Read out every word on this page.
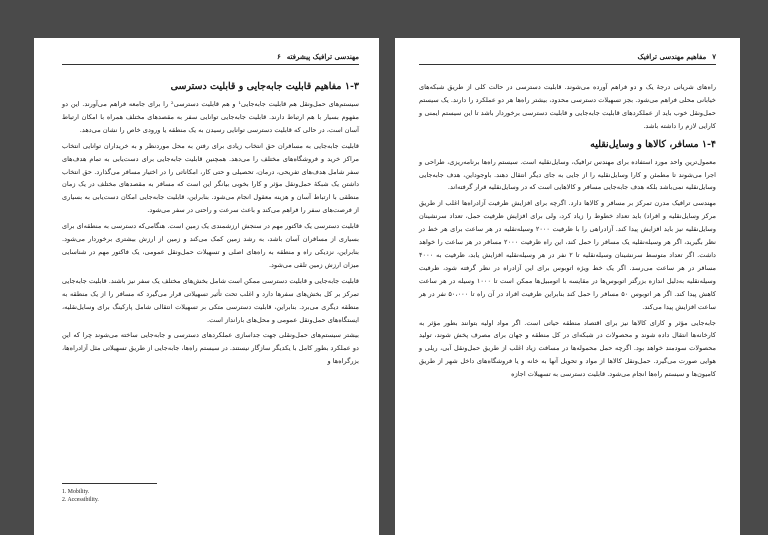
۶ مهندسی ترافیک پیشرفته
۱-۳ مفاهیم قابلیت جابه‌جایی و قابلیت دسترسی

سیستم‌های حمل‌ونقل هم قابلیت جابه‌جایی¹ و هم قابلیت دسترسی² را برای جامعه فراهم می‌آورند. این دو مفهوم بسیار با هم ارتباط دارند. قابلیت جابه‌جایی توانایی سفر به مقصدهای مختلف همراه با امکان ارتباط آسان است، در حالی که قابلیت دسترسی توانایی رسیدن به یک منطقه یا ورودی خاص را نشان می‌دهد.

قابلیت جابه‌جایی به مسافران حق انتخاب زیادی برای رفتن به محل موردنظر و به خریداران توانایی انتخاب مراکز خرید و فروشگاه‌های مختلف را می‌دهد. همچنین قابلیت جابه‌جایی برای دست‌یابی به تمام هدف‌های سفر شامل هدف‌های تفریحی، درمان، تحصیلی و حتی کار، امکاناتی را در اختیار مسافر می‌گذارد. حق انتخاب داشتن یک شبکهٔ حمل‌ونقل مؤثر و کارا بخوبی بیانگر این است که مسافر به مقصدهای مختلف در یک زمان منطقی با ارتباط آسان و هزینه معقول انجام می‌شود. بنابراین، قابلیت جابه‌جایی امکان دست‌یابی به بسیاری از فرصت‌های سفر را فراهم می‌کند و باعث سرعت و راحتی در سفر می‌شود.

قابلیت دسترسی یک فاکتور مهم در سنجش ارزشمندی یک زمین است. هنگامی‌که دسترسی به منطقه‌ای برای بسیاری از مسافران آسان باشد، به رشد زمین کمک می‌کند و زمین از ارزش بیشتری برخوردار می‌شود. بنابراین، نزدیکی راه و منطقه به راه‌های اصلی و تسهیلات حمل‌ونقل عمومی، یک فاکتور مهم در شناسایی میزان ارزش زمین تلقی می‌شود.

قابلیت جابه‌جایی و قابلیت دسترسی ممکن است شامل بخش‌های مختلف یک سفر نیز باشند. قابلیت جابه‌جایی تمرکز بر کل بخش‌های سفرها دارد و اغلب تحت تأثیر تسهیلاتی قرار می‌گیرد که مسافر را از یک منطقه به منطقه دیگری می‌برد. بنابراین، قابلیت دسترسی متکی بر تسهیلات انتقالی شامل پارکینگ برای وسایل‌نقلیه، ایستگاه‌های حمل‌ونقل عمومی و محل‌های بارانداز است.

بیشتر سیستم‌های حمل‌ونقلی جهت جداسازی عملکردهای دسترسی و جابه‌جایی ساخته می‌شوند چرا که این دو عملکرد بطور کامل با یکدیگر سازگار نیستند. در سیستم راه‌ها، جابه‌جایی از طریق تسهیلاتی مثل آزادراه‌ها، بزرگراه‌ها و

1. Mobility.
2. Accessibility.
۷
مفاهیم مهندسی ترافیک

راه‌های شریانی درجهٔ یک و دو فراهم آورده می‌شوند. قابلیت دسترسی در حالت کلی از طریق شبکه‌های خیابانی محلی فراهم می‌شود. بجز تسهیلات دسترسی محدود، بیشتر راه‌ها هر دو عملکرد را دارند. یک سیستم حمل‌ونقل خوب باید از عملکردهای قابلیت جابه‌جایی و قابلیت دسترسی برخوردار باشد تا این سیستم ایمنی و کارایی لازم را داشته باشد.

۱-۴ مسافر، کالاها و وسایل‌نقلیه

معمول‌ترین واحد مورد استفاده برای مهندس ترافیک، وسایل‌نقلیه است. سیستم راه‌ها برنامه‌ریزی، طراحی و اجرا می‌شوند تا مطمئن و کارا وسایل‌نقلیه را از جایی به جای دیگر انتقال دهند. باوجوداین، هدف جابه‌جایی وسایل‌نقلیه نمی‌باشد بلکه هدف جابه‌جایی مسافر و کالاهایی است که در وسایل‌نقلیه قرار گرفته‌اند.

مهندسی ترافیک مدرن تمرکز بر مسافر و کالاها دارد. اگرچه برای افزایش ظرفیت آزادراه‌ها اغلب از طریق مرکز وسایل‌نقلیه و افراد) باید تعداد خطوط را زیاد کرد، ولی برای افزایش ظرفیت حمل، تعداد سرنشینان وسایل‌نقلیه نیز باید افزایش پیدا کند. آزادراهی را با ظرفیت ۲۰۰۰ وسیله‌نقلیه در هر ساعت برای هر خط در نظر بگیرید، اگر هر وسیله‌نقلیه یک مسافر را حمل کند، این راه ظرفیت ۲۰۰۰ مسافر در هر ساعت را خواهد داشت. اگر تعداد متوسط سرنشینان وسیله‌نقلیه تا ۲ نفر در هر وسیله‌نقلیه افزایش یابد، ظرفیت به ۴۰۰۰ مسافر در هر ساعت می‌رسد. اگر یک خط ویژه اتوبوس برای این آزادراه در نظر گرفته شود، ظرفیت وسیله‌نقلیه به‌دلیل اندازه بزرگتر اتوبوس‌ها در مقایسه با اتومبیل‌ها ممکن است تا ۱۰۰۰ وسیله در هر ساعت کاهش پیدا کند. اگر هر اتوبوس ۵۰ مسافر را حمل کند بنابراین ظرفیت افراد در آن راه تا ۵۰،۰۰۰ نفر در هر ساعت افزایش پیدا می‌کند.

جابه‌جایی مؤثر و کارای کالاها نیز برای اقتصاد منطقه حیاتی است. اگر مواد اولیه بتوانند بطور مؤثر به کارخانه‌ها انتقال داده شوند و محصولات در شبکه‌ای در کل منطقه و جهان برای مصرف پخش شوند، تولید محصولات سودمند خواهد بود. اگرچه حمل محموله‌ها در مسافت زیاد اغلب از طریق حمل‌ونقل آبی، ریلی و هوایی صورت می‌گیرد. حمل‌ونقل کالاها از مواد و تحویل آنها به خانه و یا فروشگاه‌های داخل شهر از طریق کامیون‌ها و سیستم راه‌ها انجام می‌شود. قابلیت دسترسی به تسهیلات اجازه
